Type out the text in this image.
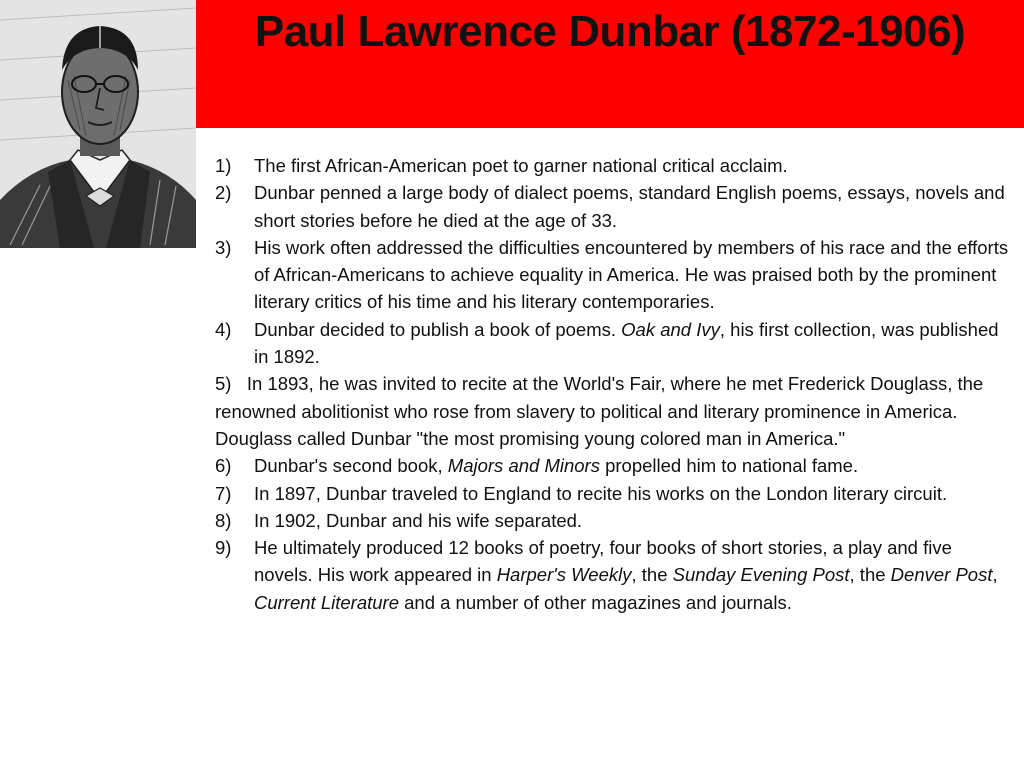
Paul Lawrence Dunbar (1872-1906)
1)	The first African-American poet to garner national critical acclaim.
2)	Dunbar penned a large body of dialect poems, standard English poems, essays, novels and short stories before he died at the age of 33.
3)	His work often addressed the difficulties encountered by members of his race and the efforts of African-Americans to achieve equality in America. He was praised both by the prominent literary critics of his time and his literary contemporaries.
4)	Dunbar decided to publish a book of poems. Oak and Ivy, his first collection, was published in 1892.
5) In 1893, he was invited to recite at the World's Fair, where he met Frederick Douglass, the renowned abolitionist who rose from slavery to political and literary prominence in America. Douglass called Dunbar "the most promising young colored man in America."
6)	Dunbar's second book, Majors and Minors propelled him to national fame.
7)	In 1897, Dunbar traveled to England to recite his works on the London literary circuit.
8)	In 1902, Dunbar and his wife separated.
9)	He ultimately produced 12 books of poetry, four books of short stories, a play and five novels. His work appeared in Harper's Weekly, the Sunday Evening Post, the Denver Post, Current Literature and a number of other magazines and journals.
